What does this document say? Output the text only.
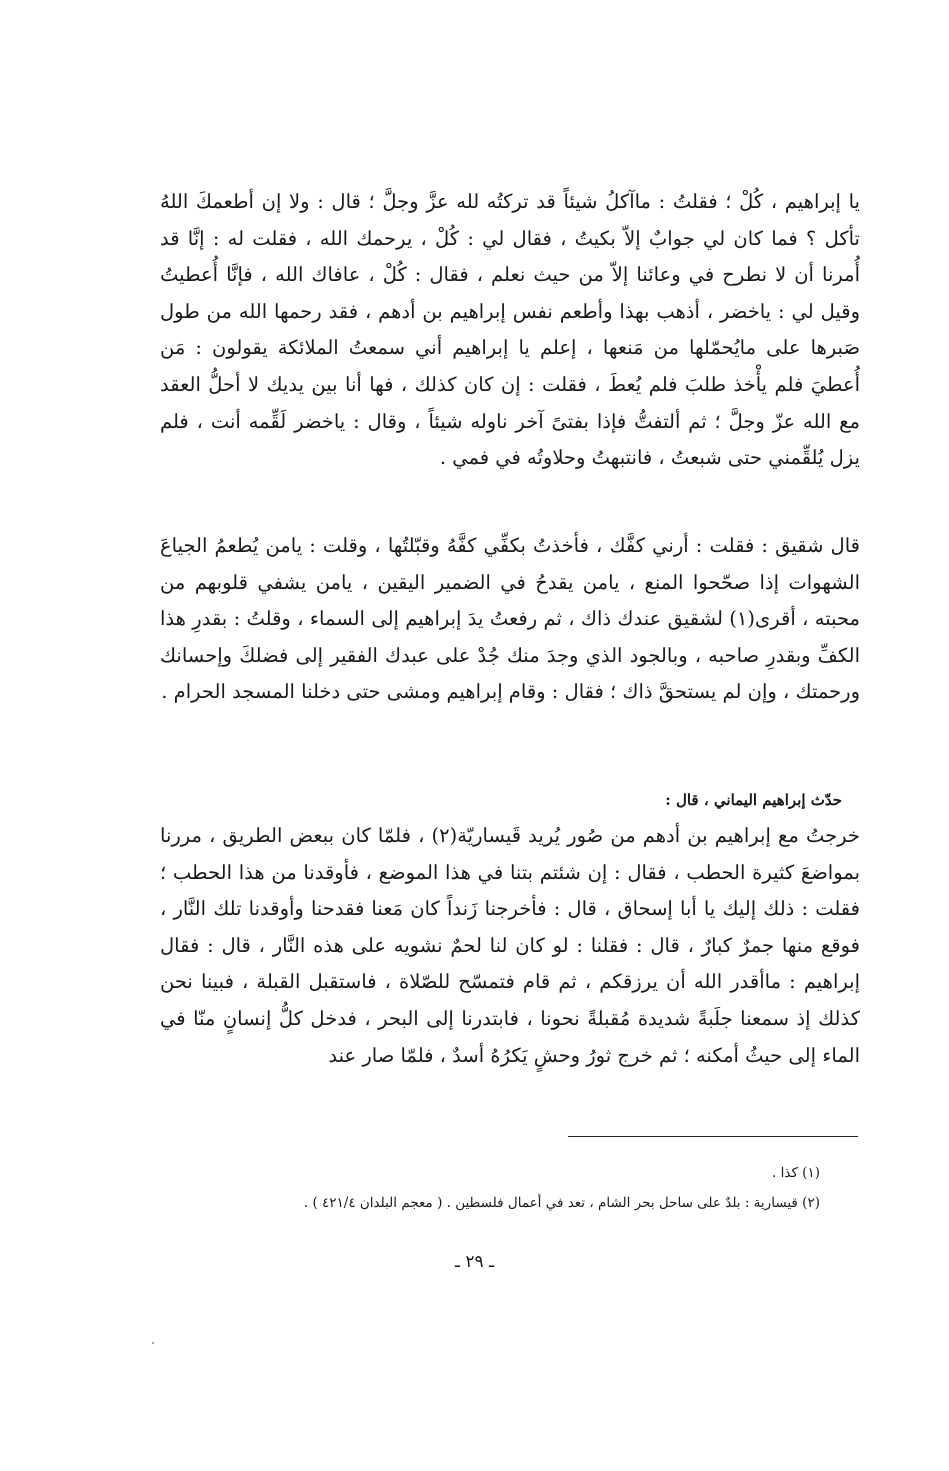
يا إبراهيم ، كُلْ ؛ فقلتُ : ماآكلُ شيئاً قد تركتُه لله عزَّ وجلَّ ؛ قال : ولا إن أطعمكَ اللهُ تأكل ؟ فما كان لي جوابٌ إلاّ بكيتُ ، فقال لي : كُلْ ، يرحمك الله ، فقلت له : إنَّا قد أُمرنا أن لا نطرح في وعائنا إلاّ من حيث نعلم ، فقال : كُلْ ، عافاك الله ، فإنَّا أُعطيتُ وقيل لي : ياخضر ، أذهب بهذا وأطعم نفس إبراهيم بن أدهم ، فقد رحمها الله من طول صَبرها على مايُحمّلها من مَنعها ، إعلم يا إبراهيم أني سمعتُ الملائكة يقولون : مَن أُعطيَ فلم يأْخذ طلبَ فلم يُعطَ ، فقلت : إن كان كذلك ، فها أنا بين يديك لا أحلُّ العقد مع الله عزّ وجلَّ ؛ ثم ألتفتُّ فإذا بفتىً آخر ناوله شيئاً ، وقال : ياخضر لَقِّمه أنت ، فلم يزل يُلقِّمني حتى شبعتُ ، فانتبهتُ وحلاوتُه في فمي .

قال شقيق : فقلت : أرني كفَّك ، فأخذتُ بكفِّي كفَّهُ وقبّلتُها ، وقلت : يامن يُطعمُ الجياعَ الشهوات إذا صحّحوا المنع ، يامن يقدحُ في الضمير اليقين ، يامن يشفي قلوبهم من محبته ، أقرى(١) لشقيق عندك ذاك ، ثم رفعتُ يدَ إبراهيم إلى السماء ، وقلتُ : بقدرِ هذا الكفِّ وبقدرِ صاحبه ، وبالجود الذي وجدَ منك جُدْ على عبدك الفقير إلى فضلكَ وإحسانك ورحمتك ، وإن لم يستحقَّ ذاك ؛ فقال : وقام إبراهيم ومشى حتى دخلنا المسجد الحرام .

حدّث إبراهيم اليماني ، قال :

خرجتُ مع إبراهيم بن أدهم من صُور يُريد قَيساريّة(٢) ، فلمّا كان ببعض الطريق ، مررنا بمواضعَ كثيرة الحطب ، فقال : إن شئتم بتنا في هذا الموضع ، فأوقدنا من هذا الحطب ؛ فقلت : ذلك إليك يا أبا إسحاق ، قال : فأخرجنا زَنداً كان مَعنا فقدحنا وأوقدنا تلك النَّار ، فوقع منها جمرٌ كبارٌ ، قال : فقلنا : لو كان لنا لحمٌ نشويه على هذه النَّار ، قال : فقال إبراهيم : ماأقدر الله أن يرزقكم ، ثم قام فتمسّح للصّلاة ، فاستقبل القبلة ، فبينا نحن كذلك إذ سمعنا جلَبةً شديدة مُقبلةً نحونا ، فابتدرنا إلى البحر ، فدخل كلُّ إنسانٍ منّا في الماء إلى حيثُ أمكنه ؛ ثم خرج ثورُ وحشٍ يَكرُهُ أسدٌ ، فلمّا صار عند

(١) كذا .
(٢) قيسارية : بلدٌ على ساحل بحر الشام ، تعد في أعمال فلسطين . ( معجم البلدان ٤٢١/٤ ) .
ـ ٢٩ ـ
